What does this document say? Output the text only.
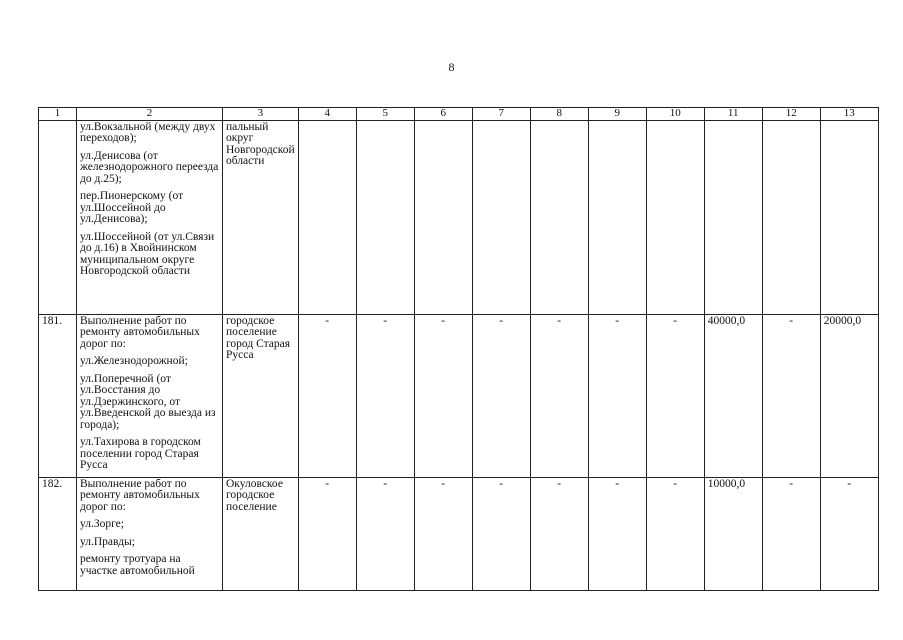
8
1	2	3	4	5	6	7	8	9	10	11	12	13

	ул.Вокзальной (между двух переходов);
ул.Денисова (от железнодорожного переезда до д.25);
пер.Пионерскому (от ул.Шоссейной до ул.Денисова);
ул.Шоссейной (от ул.Связи до д.16) в Хвойнинском муниципальном округе Новгородской области	пальный округ Новгородской области										
181.	Выполнение работ по ремонту автомобильных дорог по:
ул.Железнодорожной;
ул.Поперечной (от ул.Восстания до ул.Дзержинского, от ул.Введенской до выезда из города);
ул.Тахирова в городском поселении город Старая Русса	городское поселение город Старая Русса	-	-	-	-	-	-	-	40000,0	-	20000,0
182.	Выполнение работ по ремонту автомобильных дорог по:
ул.Зорге;
ул.Правды;
ремонту тротуара на участке автомобильной	Окуловское городское поселение	-	-	-	-	-	-	-	10000,0	-	-
